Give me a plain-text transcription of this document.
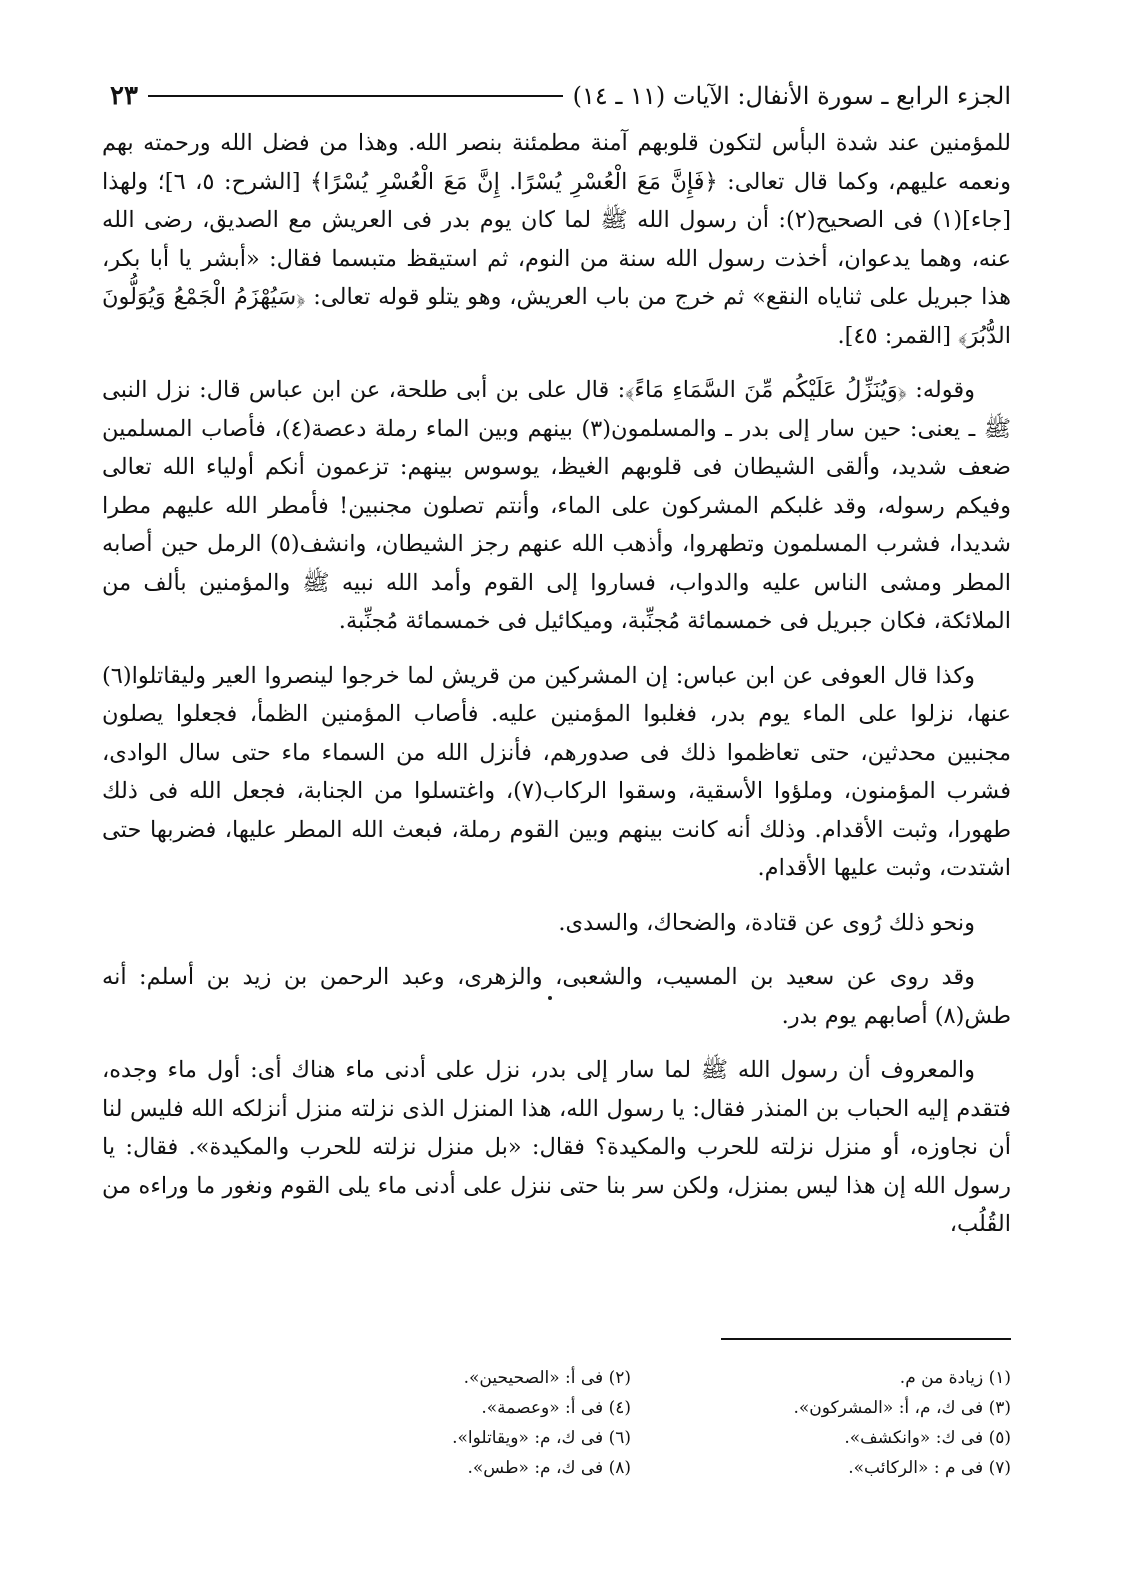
الجزء الرابع ـ سورة الأنفال: الآيات (١١ ـ ١٤)
٢٣

للمؤمنين عند شدة البأس لتكون قلوبهم آمنة مطمئنة بنصر الله. وهذا من فضل الله ورحمته بهم ونعمه عليهم، وكما قال تعالى: ﴿فَإِنَّ مَعَ الْعُسْرِ يُسْرًا. إِنَّ مَعَ الْعُسْرِ يُسْرًا﴾ [الشرح: ٥، ٦]؛ ولهذا [جاء](١) فى الصحيح(٢): أن رسول الله ﷺ لما كان يوم بدر فى العريش مع الصديق، رضى الله عنه، وهما يدعوان، أخذت رسول الله سنة من النوم، ثم استيقظ متبسما فقال: «أبشر يا أبا بكر، هذا جبريل على ثناياه النقع» ثم خرج من باب العريش، وهو يتلو قوله تعالى: ﴿سَيُهْزَمُ الْجَمْعُ وَيُوَلُّونَ الدُّبُرَ﴾ [القمر: ٤٥].

وقوله: ﴿وَيُنَزِّلُ عَلَيْكُم مِّنَ السَّمَاءِ مَاءً﴾: قال على بن أبى طلحة، عن ابن عباس قال: نزل النبى ﷺ ـ يعنى: حين سار إلى بدر ـ والمسلمون(٣) بينهم وبين الماء رملة دعصة(٤)، فأصاب المسلمين ضعف شديد، وألقى الشيطان فى قلوبهم الغيظ، يوسوس بينهم: تزعمون أنكم أولياء الله تعالى وفيكم رسوله، وقد غلبكم المشركون على الماء، وأنتم تصلون مجنبين! فأمطر الله عليهم مطرا شديدا، فشرب المسلمون وتطهروا، وأذهب الله عنهم رجز الشيطان، وانشف(٥) الرمل حين أصابه المطر ومشى الناس عليه والدواب، فساروا إلى القوم وأمد الله نبيه ﷺ والمؤمنين بألف من الملائكة، فكان جبريل فى خمسمائة مُجنِّبة، وميكائيل فى خمسمائة مُجنِّبة.

وكذا قال العوفى عن ابن عباس: إن المشركين من قريش لما خرجوا لينصروا العير وليقاتلوا(٦) عنها، نزلوا على الماء يوم بدر، فغلبوا المؤمنين عليه. فأصاب المؤمنين الظمأ، فجعلوا يصلون مجنبين محدثين، حتى تعاظموا ذلك فى صدورهم، فأنزل الله من السماء ماء حتى سال الوادى، فشرب المؤمنون، وملؤوا الأسقية، وسقوا الركاب(٧)، واغتسلوا من الجنابة، فجعل الله فى ذلك طهورا، وثبت الأقدام. وذلك أنه كانت بينهم وبين القوم رملة، فبعث الله المطر عليها، فضربها حتى اشتدت، وثبت عليها الأقدام.

ونحو ذلك رُوى عن قتادة، والضحاك، والسدى.

وقد روى عن سعيد بن المسيب، والشعبى، والزهرى، وعبد الرحمن بن زيد بن أسلم: أنه طش(٨) أصابهم يوم بدر.

والمعروف أن رسول الله ﷺ لما سار إلى بدر، نزل على أدنى ماء هناك أى: أول ماء وجده، فتقدم إليه الحباب بن المنذر فقال: يا رسول الله، هذا المنزل الذى نزلته منزل أنزلكه الله فليس لنا أن نجاوزه، أو منزل نزلته للحرب والمكيدة؟ فقال: «بل منزل نزلته للحرب والمكيدة». فقال: يا رسول الله إن هذا ليس بمنزل، ولكن سر بنا حتى ننزل على أدنى ماء يلى القوم ونغور ما وراءه من القُلُب،

(١) زيادة من م.
(٢) فى أ: «الصحيحين».
(٣) فى ك، م، أ: «المشركون».
(٤) فى أ: «وعصمة».
(٥) فى ك: «وانكشف».
(٦) فى ك، م: «ويقاتلوا».
(٧) فى م : «الركائب».
(٨) فى ك، م: «طس».
